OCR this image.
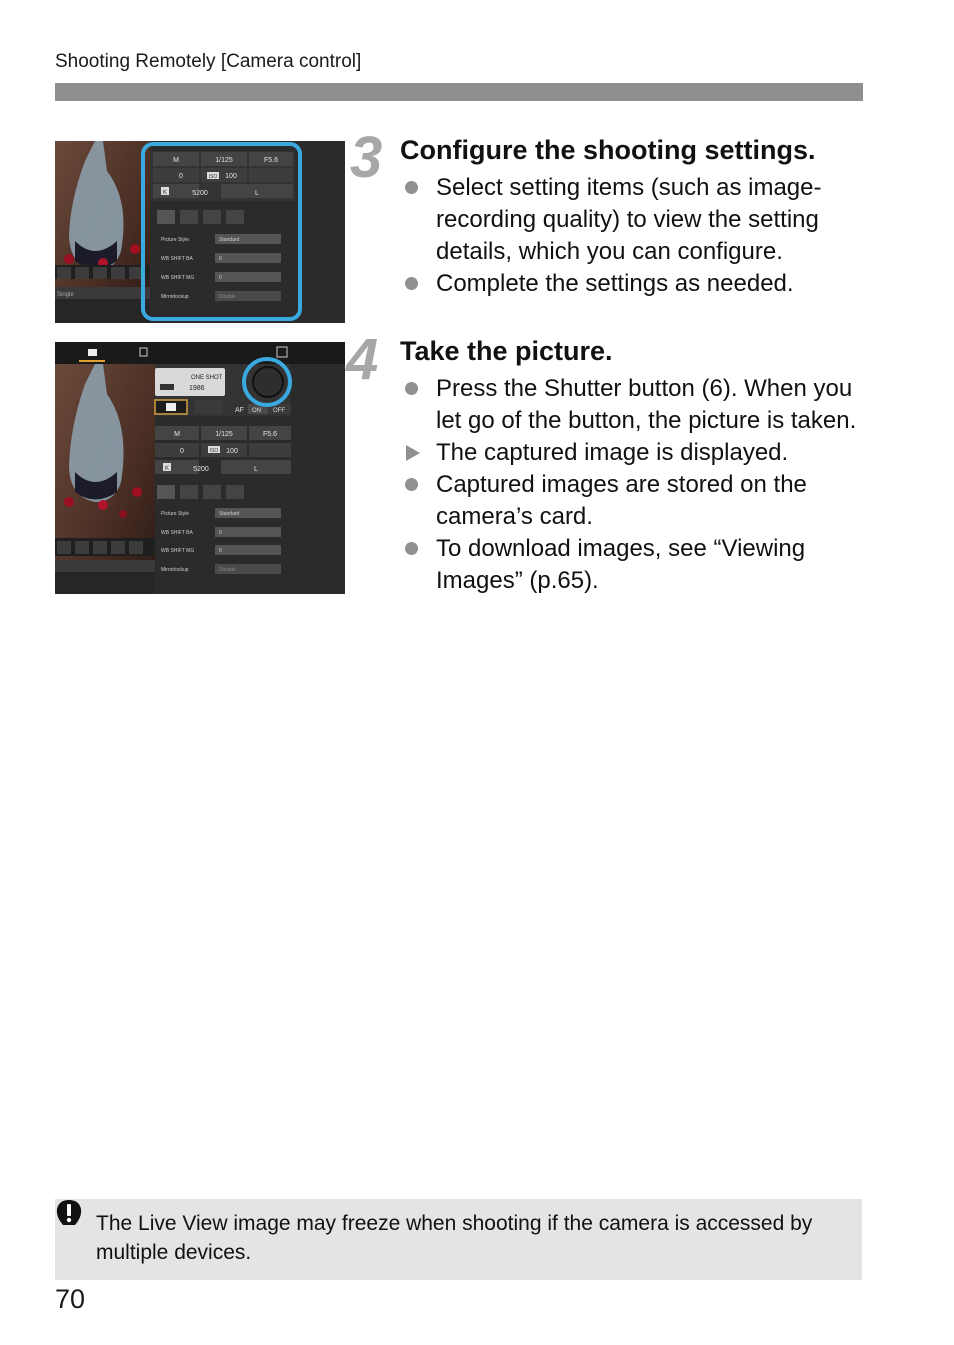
Shooting Remotely [Camera control]
Single
M	1/125	F5.6
0	ISO 100
K	5200	L
Picture Style	Standard
WB SHIFT BA	0
WB SHIFT MG	0
Mirrorlockup	Disable
ONE SHOT
1986
AF ON OFF
M	1/125	F5.6
0	ISO 100
K	5200	L
Picture Style	Standard
WB SHIFT BA	0
WB SHIFT MG	0
Mirrorlockup	Disable
3 Configure the shooting settings.
Select setting items (such as image-recording quality) to view the setting details, which you can configure.
Complete the settings as needed.
4 Take the picture.
Press the Shutter button (6). When you let go of the button, the picture is taken.
The captured image is displayed.
Captured images are stored on the camera’s card.
To download images, see “Viewing Images” (p.65).
The Live View image may freeze when shooting if the camera is accessed by multiple devices.
70
